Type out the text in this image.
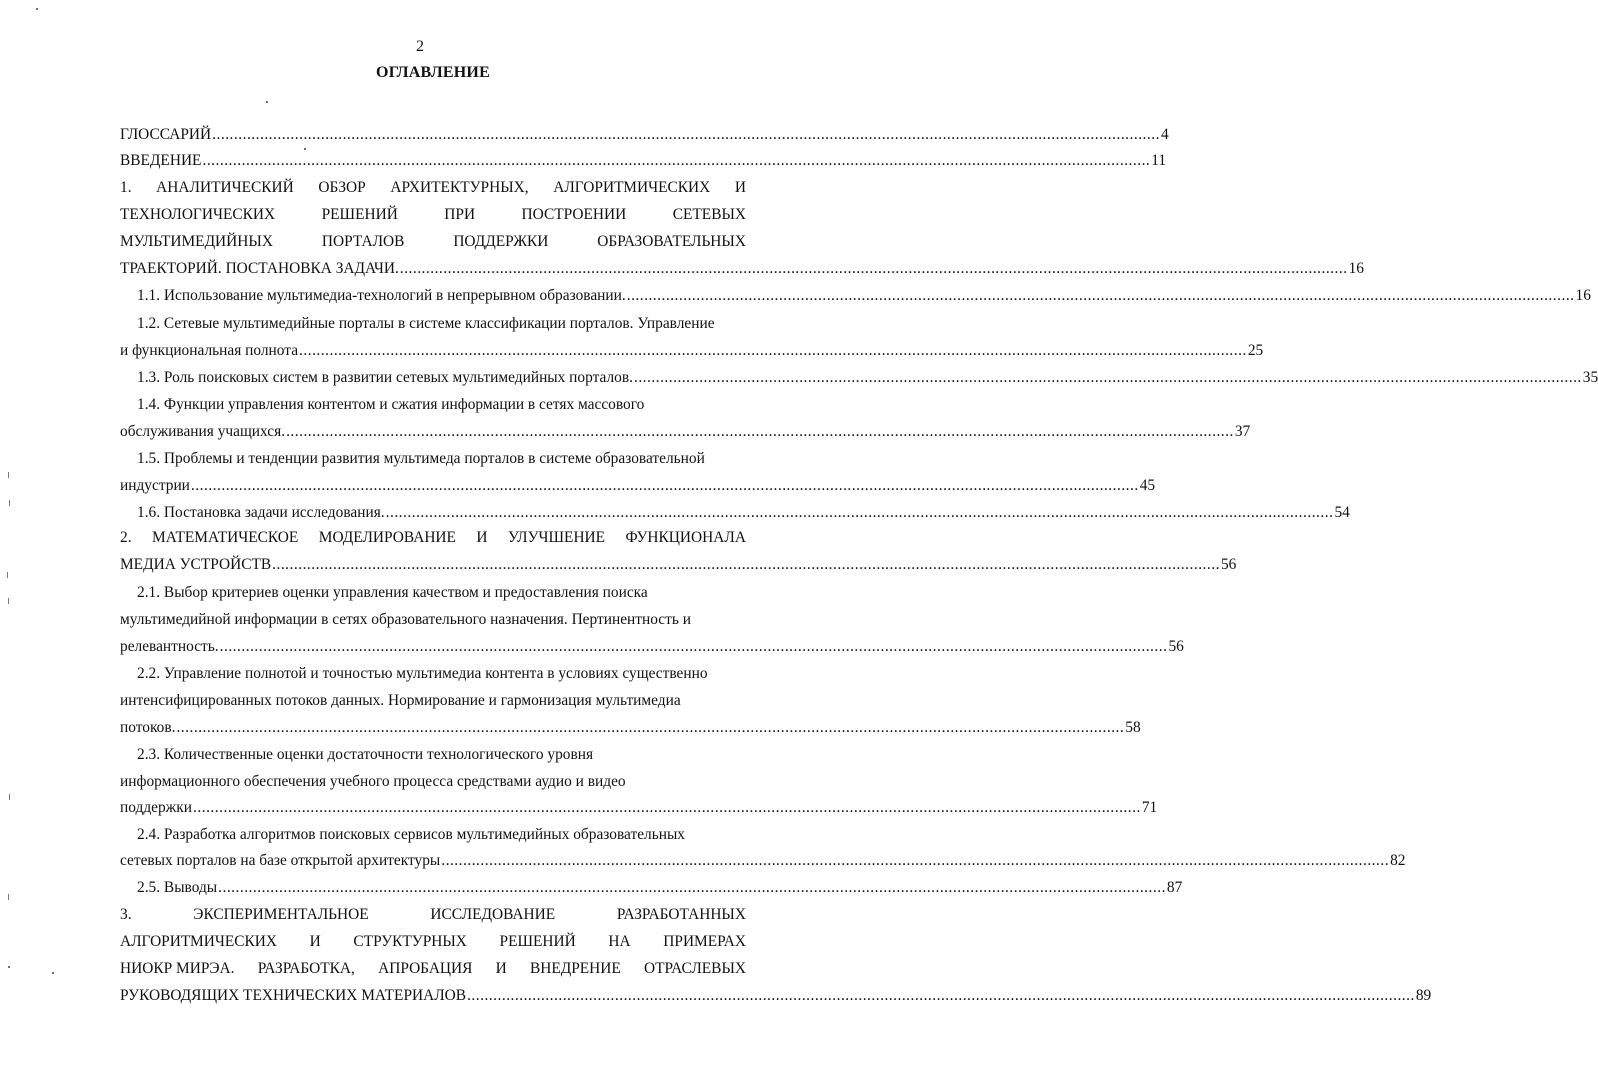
2
ОГЛАВЛЕНИЕ
ГЛОССАРИЙ .......................................................................................................................................................................................................................... 4
ВВЕДЕНИЕ .......................................................................................................................................................................................................................... 11
1. АНАЛИТИЧЕСКИЙ ОБЗОР АРХИТЕКТУРНЫХ, АЛГОРИТМИЧЕСКИХ И
ТЕХНОЛОГИЧЕСКИХ	РЕШЕНИЙ	ПРИ	ПОСТРОЕНИИ	СЕТЕВЫХ
МУЛЬТИМЕДИЙНЫХ	ПОРТАЛОВ	ПОДДЕРЖКИ	ОБРАЗОВАТЕЛЬНЫХ
ТРАЕКТОРИЙ. ПОСТАНОВКА ЗАДАЧИ. .......................................................................................................................................................................................................................... 16
1.1. Использование мультимедиа-технологий в непрерывном образовании. .......................................................................................................................................................................................................................... 16
1.2. Сетевые мультимедийные порталы в системе классификации порталов. Управление
и функциональная полнота .......................................................................................................................................................................................................................... 25
1.3. Роль поисковых систем в развитии сетевых мультимедийных порталов. .......................................................................................................................................................................................................................... 35
1.4. Функции управления контентом и сжатия информации в сетях массового
обслуживания учащихся. .......................................................................................................................................................................................................................... 37
1.5. Проблемы и тенденции развития мультимеда порталов в системе образовательной
индустрии .......................................................................................................................................................................................................................... 45
1.6. Постановка задачи исследования. .......................................................................................................................................................................................................................... 54
2. МАТЕМАТИЧЕСКОЕ МОДЕЛИРОВАНИЕ И УЛУЧШЕНИЕ ФУНКЦИОНАЛА
МЕДИА УСТРОЙСТВ .......................................................................................................................................................................................................................... 56
2.1. Выбор критериев оценки управления качеством и предоставления поиска
мультимедийной информации в сетях образовательного назначения. Пертинентность и
релевантность. .......................................................................................................................................................................................................................... 56
2.2. Управление полнотой и точностью мультимедиа контента в условиях существенно
интенсифицированных потоков данных. Нормирование и гармонизация мультимедиа
потоков. .......................................................................................................................................................................................................................... 58
2.3. Количественные оценки достаточности технологического уровня
информационного обеспечения учебного процесса средствами аудио и видео
поддержки .......................................................................................................................................................................................................................... 71
2.4. Разработка алгоритмов поисковых сервисов мультимедийных образовательных
сетевых порталов на базе открытой архитектуры .......................................................................................................................................................................................................................... 82
2.5. Выводы .......................................................................................................................................................................................................................... 87
3.	ЭКСПЕРИМЕНТАЛЬНОЕ	ИССЛЕДОВАНИЕ	РАЗРАБОТАННЫХ
АЛГОРИТМИЧЕСКИХ И СТРУКТУРНЫХ РЕШЕНИЙ НА ПРИМЕРАХ
НИОКР МИРЭА. РАЗРАБОТКА, АПРОБАЦИЯ И ВНЕДРЕНИЕ ОТРАСЛЕВЫХ
РУКОВОДЯЩИХ ТЕХНИЧЕСКИХ МАТЕРИАЛОВ .......................................................................................................................................................................................................................... 89
